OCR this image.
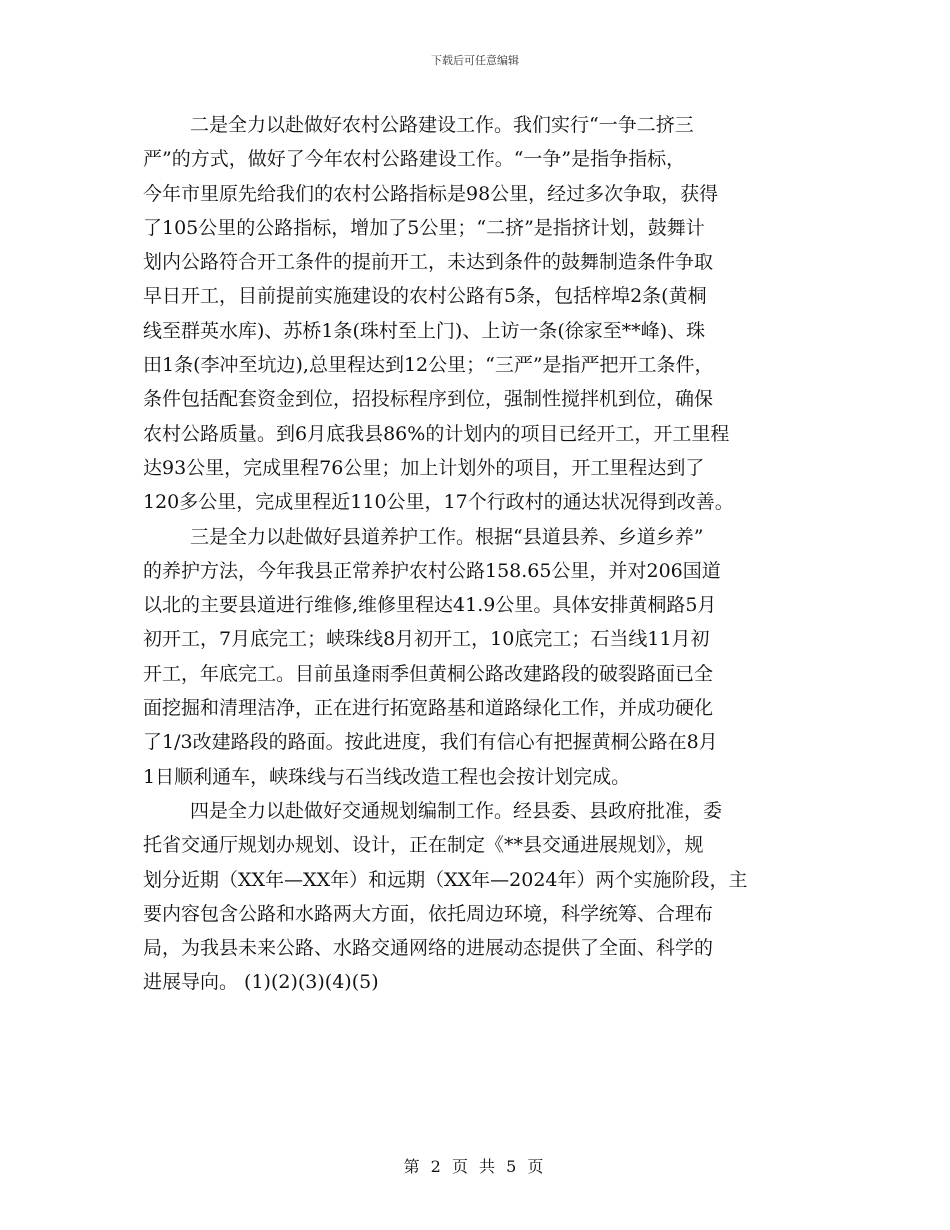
下载后可任意编辑
二是全力以赴做好农村公路建设工作。我们实行“一争二挤三
严”的方式，做好了今年农村公路建设工作。“一争”是指争指标，
今年市里原先给我们的农村公路指标是98公里，经过多次争取，获得
了105公里的公路指标，增加了5公里；“二挤”是指挤计划，鼓舞计
划内公路符合开工条件的提前开工，未达到条件的鼓舞制造条件争取
早日开工，目前提前实施建设的农村公路有5条，包括梓埠2条(黄桐
线至群英水库)、苏桥1条(珠村至上门)、上访一条(徐家至**峰)、珠
田1条(李冲至坑边),总里程达到12公里；“三严”是指严把开工条件，
条件包括配套资金到位，招投标程序到位，强制性搅拌机到位，确保
农村公路质量。到6月底我县86%的计划内的项目已经开工，开工里程
达93公里，完成里程76公里；加上计划外的项目，开工里程达到了
120多公里，完成里程近110公里，17个行政村的通达状况得到改善。
三是全力以赴做好县道养护工作。根据“县道县养、乡道乡养”
的养护方法，今年我县正常养护农村公路158.65公里，并对206国道
以北的主要县道进行维修,维修里程达41.9公里。具体安排黄桐路5月
初开工，7月底完工；峡珠线8月初开工，10底完工；石当线11月初
开工，年底完工。目前虽逢雨季但黄桐公路改建路段的破裂路面已全
面挖掘和清理洁净，正在进行拓宽路基和道路绿化工作，并成功硬化
了1/3改建路段的路面。按此进度，我们有信心有把握黄桐公路在8月
1日顺利通车，峡珠线与石当线改造工程也会按计划完成。
四是全力以赴做好交通规划编制工作。经县委、县政府批准，委
托省交通厅规划办规划、设计，正在制定《**县交通进展规划》，规
划分近期（XX年—XX年）和远期（XX年—2024年）两个实施阶段，主
要内容包含公路和水路两大方面，依托周边环境，科学统筹、合理布
局，为我县未来公路、水路交通网络的进展动态提供了全面、科学的
进展导向。 (1)(2)(3)(4)(5)
第 2 页 共 5 页
